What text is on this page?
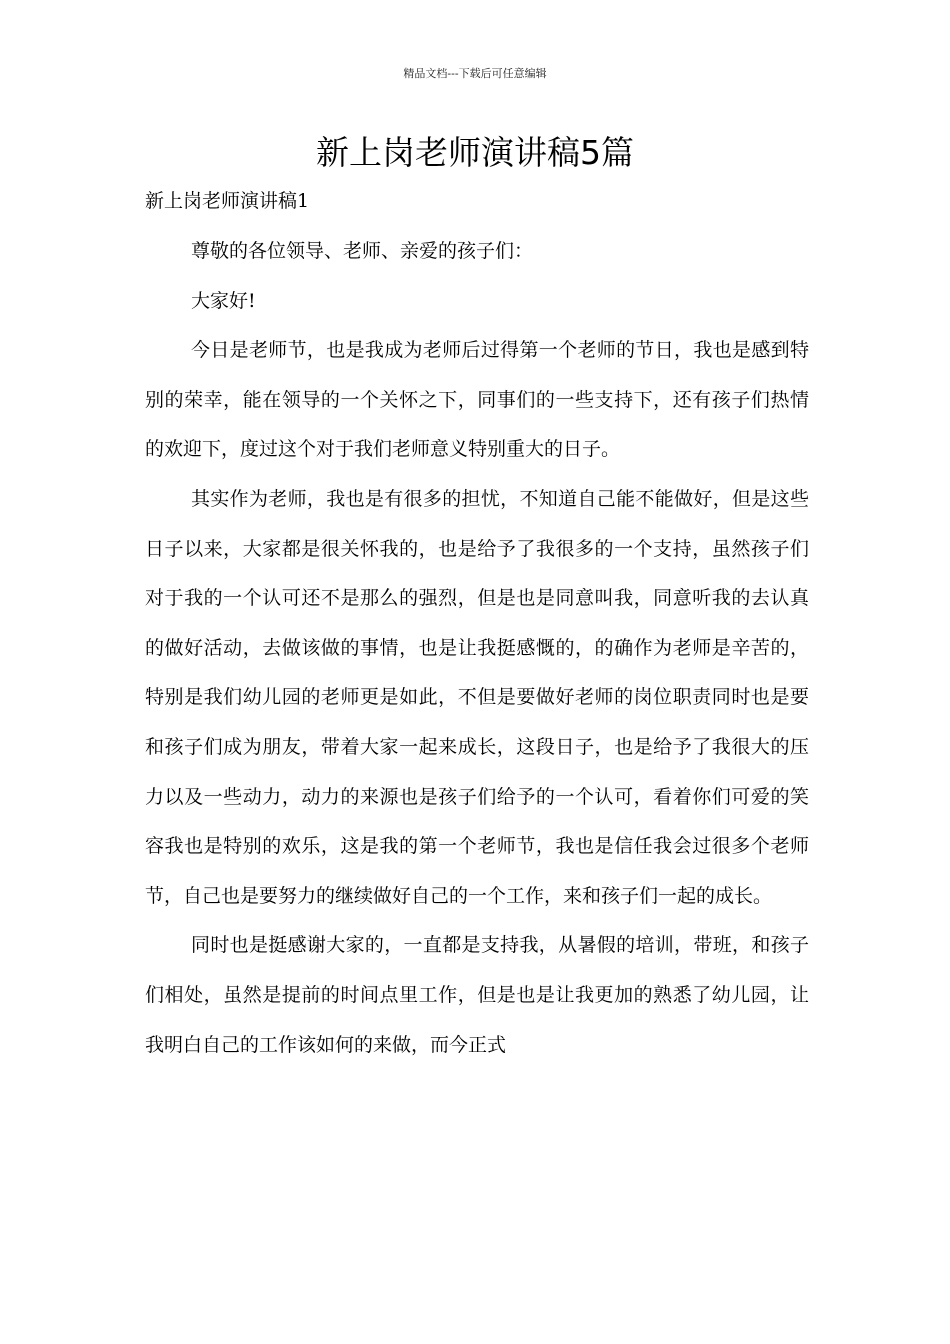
精品文档---下载后可任意编辑
新上岗老师演讲稿5篇
新上岗老师演讲稿1

尊敬的各位领导、老师、亲爱的孩子们：

大家好!

今日是老师节，也是我成为老师后过得第一个老师的节日，我也是感到特别的荣幸，能在领导的一个关怀之下，同事们的一些支持下，还有孩子们热情的欢迎下，度过这个对于我们老师意义特别重大的日子。

其实作为老师，我也是有很多的担忧，不知道自己能不能做好，但是这些日子以来，大家都是很关怀我的，也是给予了我很多的一个支持，虽然孩子们对于我的一个认可还不是那么的强烈，但是也是同意叫我，同意听我的去认真的做好活动，去做该做的事情，也是让我挺感慨的，的确作为老师是辛苦的，特别是我们幼儿园的老师更是如此，不但是要做好老师的岗位职责同时也是要和孩子们成为朋友，带着大家一起来成长，这段日子，也是给予了我很大的压力以及一些动力，动力的来源也是孩子们给予的一个认可，看着你们可爱的笑容我也是特别的欢乐，这是我的第一个老师节，我也是信任我会过很多个老师节，自己也是要努力的继续做好自己的一个工作，来和孩子们一起的成长。

同时也是挺感谢大家的，一直都是支持我，从暑假的培训，带班，和孩子们相处，虽然是提前的时间点里工作，但是也是让我更加的熟悉了幼儿园，让我明白自己的工作该如何的来做，而今正式
